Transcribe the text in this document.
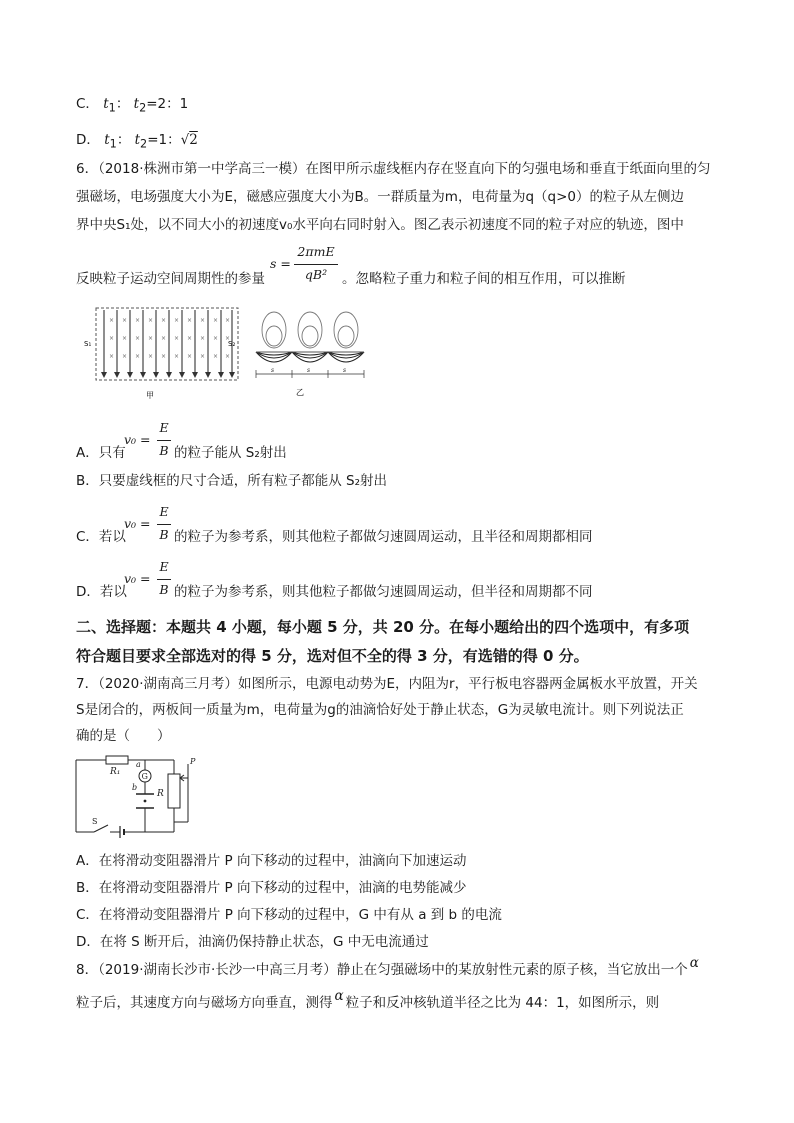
C． $t_1$： $t_2=2$：1
D． $t_1$： $t_2=1$：√2
6．（2018·株洲市第一中学高三一模）在图甲所示虚线框内存在竖直向下的匀强电场和垂直于纸面向里的匀
强磁场，电场强度大小为E，磁感应强度大小为B。一群质量为m，电荷量为q（q>0）的粒子从左侧边
界中央S₁处，以不同大小的初速度v₀水平向右同时射入。图乙表示初速度不同的粒子对应的轨迹，图中
反映粒子运动空间周期性的参量
s =
2πmE
qB²	。忽略粒子重力和粒子间的相互作用，可以推断
× × × × × × × × × ×
× × × × × × × × × ×
× × × × × × × × × ×
S₁	S₂
甲
s	s	s
乙
A．只有
v₀ =
E
B 的粒子能从 S₂射出
B．只要虚线框的尺寸合适，所有粒子都能从 S₂射出
C．若以
v₀ =
E
B 的粒子为参考系，则其他粒子都做匀速圆周运动，且半径和周期都相同
D．若以
v₀ =
E
B 的粒子为参考系，则其他粒子都做匀速圆周运动，但半径和周期都不同
二、选择题：本题共 4 小题，每小题 5 分，共 20 分。在每小题给出的四个选项中，有多项
符合题目要求全部选对的得 5 分，选对但不全的得 3 分，有选错的得 0 分。
7．（2020·湖南高三月考）如图所示，电源电动势为E，内阻为r，平行板电容器两金属板水平放置，开关
S是闭合的，两板间一质量为m，电荷量为g的油滴恰好处于静止状态，G为灵敏电流计。则下列说法正
确的是（　　）
R₁	G
a
b
R
P
S
A．在将滑动变阻器滑片 P 向下移动的过程中，油滴向下加速运动
B．在将滑动变阻器滑片 P 向下移动的过程中，油滴的电势能减少
C．在将滑动变阻器滑片 P 向下移动的过程中，G 中有从 a 到 b 的电流
D．在将 S 断开后，油滴仍保持静止状态，G 中无电流通过
8．（2019·湖南长沙市·长沙一中高三月考）静止在匀强磁场中的某放射性元素的原子核，当它放出一个 α
粒子后，其速度方向与磁场方向垂直，测得 α 粒子和反冲核轨道半径之比为 44：1，如图所示，则
